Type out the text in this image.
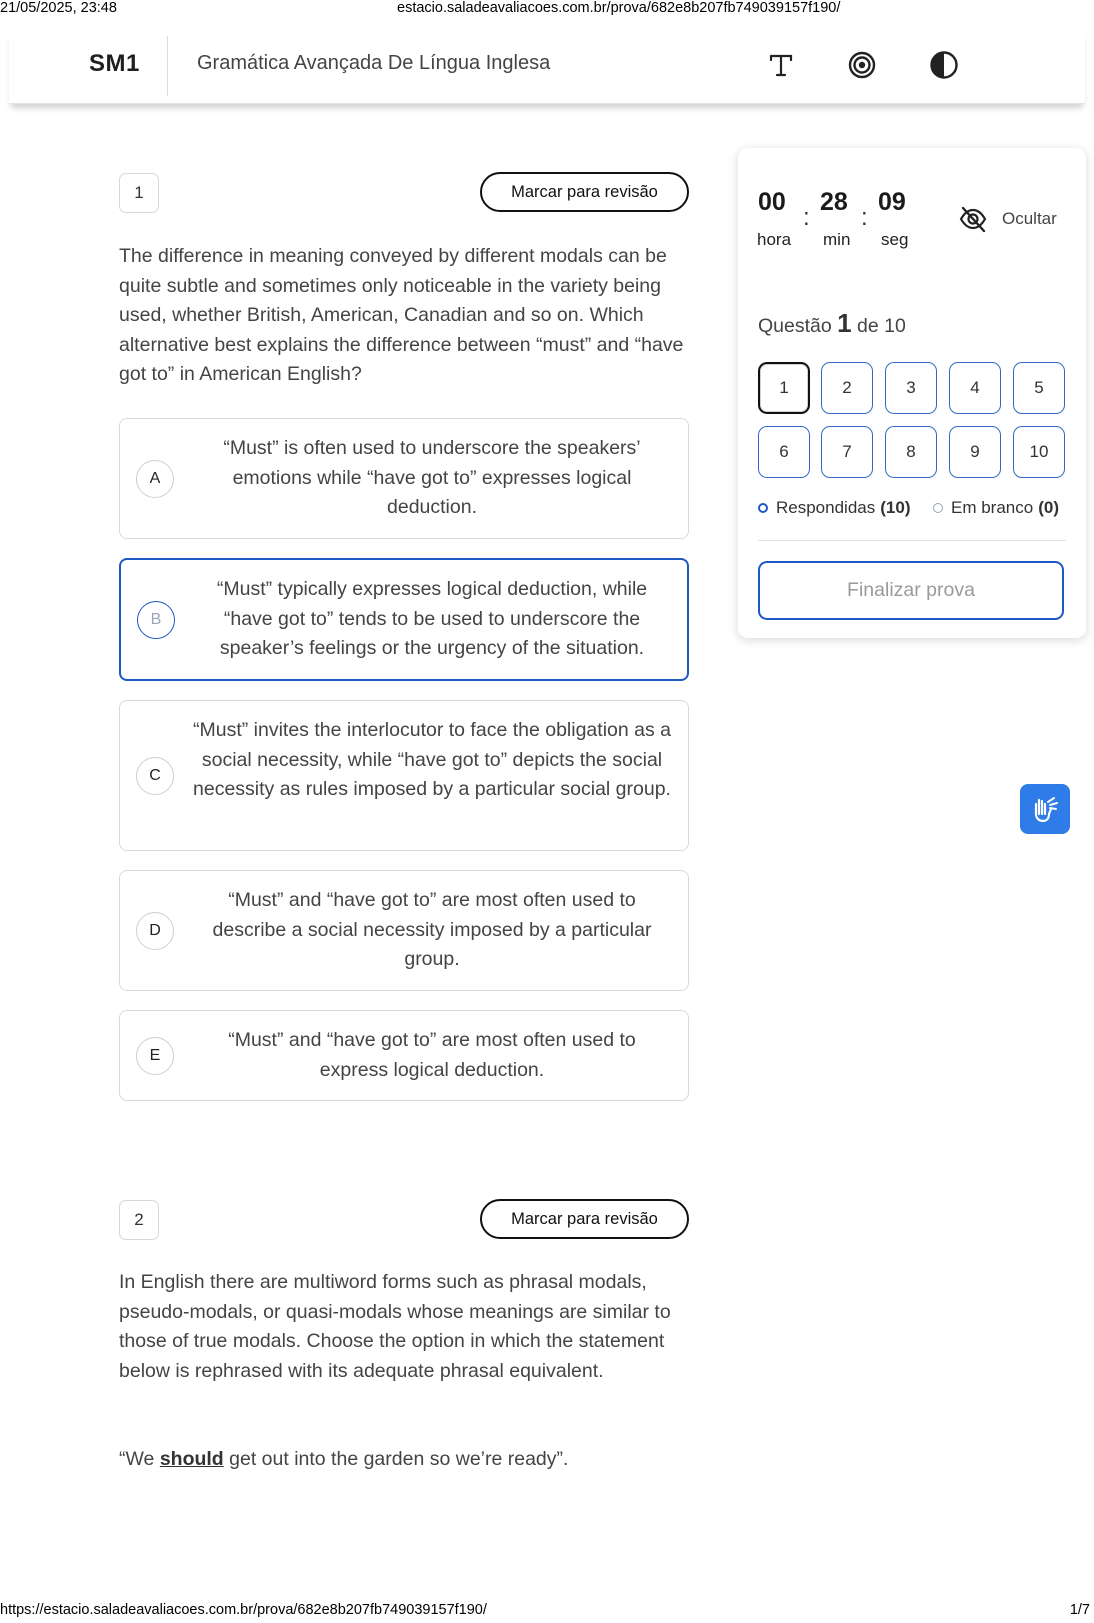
21/05/2025, 23:48	estacio.saladeavaliacoes.com.br/prova/682e8b207fb749039157f190/
SM1	Gramática Avançada De Língua Inglesa
1	Marcar para revisão
The difference in meaning conveyed by different modals can be quite subtle and sometimes only noticeable in the variety being used, whether British, American, Canadian and so on. Which alternative best explains the difference between “must” and “have got to” in American English?
A
“Must” is often used to underscore the speakers’ emotions while “have got to” expresses logical deduction.
B
“Must” typically expresses logical deduction, while “have got to” tends to be used to underscore the speaker’s feelings or the urgency of the situation.
C
“Must” invites the interlocutor to face the obligation as a social necessity, while “have got to” depicts the social necessity as rules imposed by a particular social group.
D
“Must” and “have got to” are most often used to describe a social necessity imposed by a particular group.
E
“Must” and “have got to” are most often used to express logical deduction.
2	Marcar para revisão
In English there are multiword forms such as phrasal modals, pseudo-modals, or quasi-modals whose meanings are similar to those of true modals. Choose the option in which the statement below is rephrased with its adequate phrasal equivalent.
“We should get out into the garden so we’re ready”.
00
hora
:
28
min
:
09
seg
Ocultar
Questão 1 de 10
1	2	3	4	5
6	7	8	9	10
Respondidas (10) Em branco (0)
Finalizar prova
https://estacio.saladeavaliacoes.com.br/prova/682e8b207fb749039157f190/	1/7
